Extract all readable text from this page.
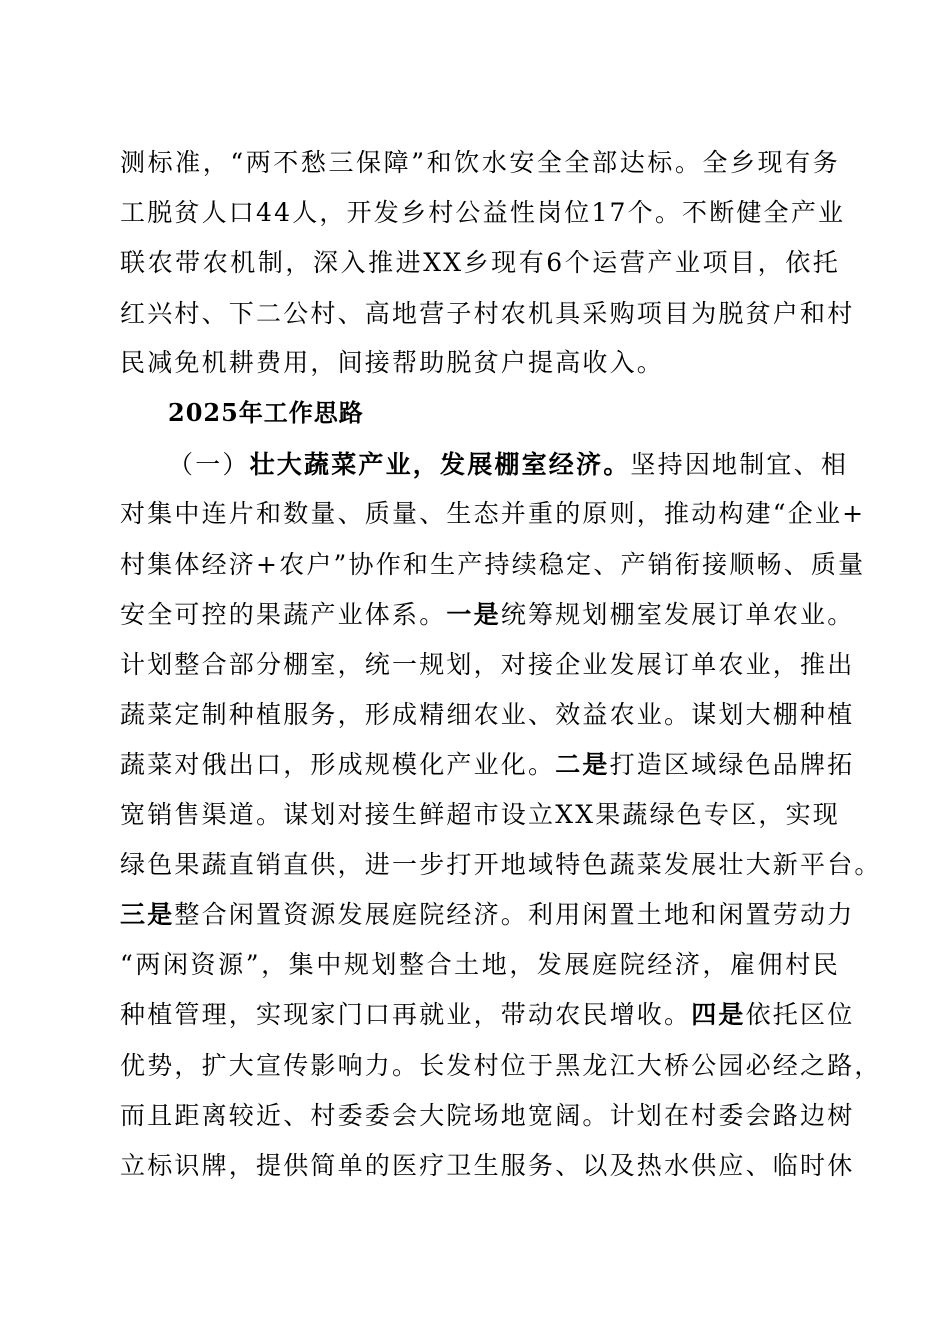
测标准，“两不愁三保障”和饮水安全全部达标。全乡现有务
工脱贫人口44人，开发乡村公益性岗位17个。不断健全产业
联农带农机制，深入推进XX乡现有6个运营产业项目，依托
红兴村、下二公村、高地营子村农机具采购项目为脱贫户和村
民减免机耕费用，间接帮助脱贫户提高收入。
2025年工作思路
（一）壮大蔬菜产业，发展棚室经济。坚持因地制宜、相
对集中连片和数量、质量、生态并重的原则，推动构建“企业+
村集体经济+农户”协作和生产持续稳定、产销衔接顺畅、质量
安全可控的果蔬产业体系。一是统筹规划棚室发展订单农业。
计划整合部分棚室，统一规划，对接企业发展订单农业，推出
蔬菜定制种植服务，形成精细农业、效益农业。谋划大棚种植
蔬菜对俄出口，形成规模化产业化。二是打造区域绿色品牌拓
宽销售渠道。谋划对接生鲜超市设立XX果蔬绿色专区，实现
绿色果蔬直销直供，进一步打开地域特色蔬菜发展壮大新平台。
三是整合闲置资源发展庭院经济。利用闲置土地和闲置劳动力
“两闲资源”，集中规划整合土地，发展庭院经济，雇佣村民
种植管理，实现家门口再就业，带动农民增收。四是依托区位
优势，扩大宣传影响力。长发村位于黑龙江大桥公园必经之路，
而且距离较近、村委委会大院场地宽阔。计划在村委会路边树
立标识牌，提供简单的医疗卫生服务、以及热水供应、临时休
